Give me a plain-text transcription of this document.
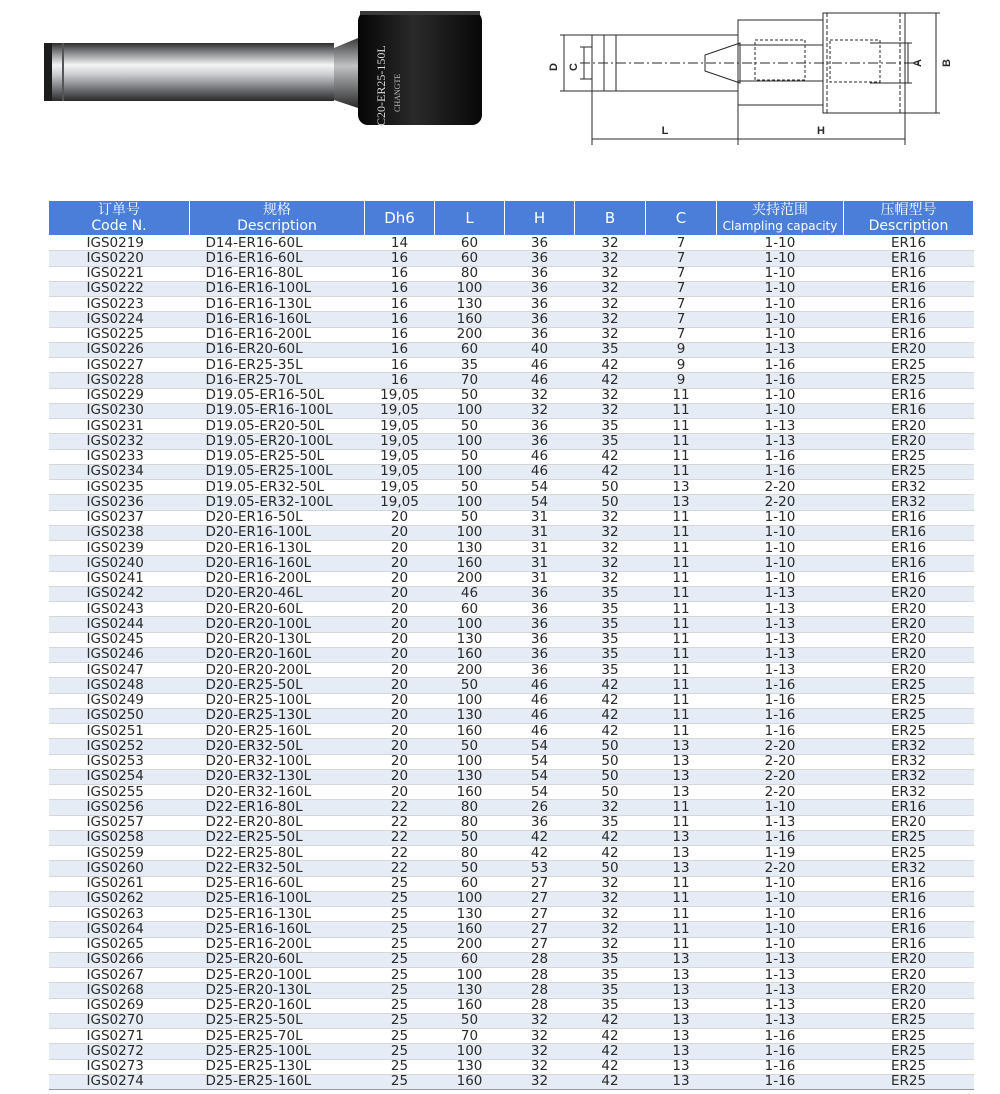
C20-ER25-150L CHANGTE
D C
L	H
A B
订单号
Code N.	规格
Description	Dh6	L	H	B	C	夹持范围
Clampling capacity	压帽型号
Description

IGS0219	D14-ER16-60L	14	60	36	32	7	1-10	ER16
IGS0220	D16-ER16-60L	16	60	36	32	7	1-10	ER16
IGS0221	D16-ER16-80L	16	80	36	32	7	1-10	ER16
IGS0222	D16-ER16-100L	16	100	36	32	7	1-10	ER16
IGS0223	D16-ER16-130L	16	130	36	32	7	1-10	ER16
IGS0224	D16-ER16-160L	16	160	36	32	7	1-10	ER16
IGS0225	D16-ER16-200L	16	200	36	32	7	1-10	ER16
IGS0226	D16-ER20-60L	16	60	40	35	9	1-13	ER20
IGS0227	D16-ER25-35L	16	35	46	42	9	1-16	ER25
IGS0228	D16-ER25-70L	16	70	46	42	9	1-16	ER25
IGS0229	D19.05-ER16-50L	19,05	50	32	32	11	1-10	ER16
IGS0230	D19.05-ER16-100L	19,05	100	32	32	11	1-10	ER16
IGS0231	D19.05-ER20-50L	19,05	50	36	35	11	1-13	ER20
IGS0232	D19.05-ER20-100L	19,05	100	36	35	11	1-13	ER20
IGS0233	D19.05-ER25-50L	19,05	50	46	42	11	1-16	ER25
IGS0234	D19.05-ER25-100L	19,05	100	46	42	11	1-16	ER25
IGS0235	D19.05-ER32-50L	19,05	50	54	50	13	2-20	ER32
IGS0236	D19.05-ER32-100L	19,05	100	54	50	13	2-20	ER32
IGS0237	D20-ER16-50L	20	50	31	32	11	1-10	ER16
IGS0238	D20-ER16-100L	20	100	31	32	11	1-10	ER16
IGS0239	D20-ER16-130L	20	130	31	32	11	1-10	ER16
IGS0240	D20-ER16-160L	20	160	31	32	11	1-10	ER16
IGS0241	D20-ER16-200L	20	200	31	32	11	1-10	ER16
IGS0242	D20-ER20-46L	20	46	36	35	11	1-13	ER20
IGS0243	D20-ER20-60L	20	60	36	35	11	1-13	ER20
IGS0244	D20-ER20-100L	20	100	36	35	11	1-13	ER20
IGS0245	D20-ER20-130L	20	130	36	35	11	1-13	ER20
IGS0246	D20-ER20-160L	20	160	36	35	11	1-13	ER20
IGS0247	D20-ER20-200L	20	200	36	35	11	1-13	ER20
IGS0248	D20-ER25-50L	20	50	46	42	11	1-16	ER25
IGS0249	D20-ER25-100L	20	100	46	42	11	1-16	ER25
IGS0250	D20-ER25-130L	20	130	46	42	11	1-16	ER25
IGS0251	D20-ER25-160L	20	160	46	42	11	1-16	ER25
IGS0252	D20-ER32-50L	20	50	54	50	13	2-20	ER32
IGS0253	D20-ER32-100L	20	100	54	50	13	2-20	ER32
IGS0254	D20-ER32-130L	20	130	54	50	13	2-20	ER32
IGS0255	D20-ER32-160L	20	160	54	50	13	2-20	ER32
IGS0256	D22-ER16-80L	22	80	26	32	11	1-10	ER16
IGS0257	D22-ER20-80L	22	80	36	35	11	1-13	ER20
IGS0258	D22-ER25-50L	22	50	42	42	13	1-16	ER25
IGS0259	D22-ER25-80L	22	80	42	42	13	1-19	ER25
IGS0260	D22-ER32-50L	22	50	53	50	13	2-20	ER32
IGS0261	D25-ER16-60L	25	60	27	32	11	1-10	ER16
IGS0262	D25-ER16-100L	25	100	27	32	11	1-10	ER16
IGS0263	D25-ER16-130L	25	130	27	32	11	1-10	ER16
IGS0264	D25-ER16-160L	25	160	27	32	11	1-10	ER16
IGS0265	D25-ER16-200L	25	200	27	32	11	1-10	ER16
IGS0266	D25-ER20-60L	25	60	28	35	13	1-13	ER20
IGS0267	D25-ER20-100L	25	100	28	35	13	1-13	ER20
IGS0268	D25-ER20-130L	25	130	28	35	13	1-13	ER20
IGS0269	D25-ER20-160L	25	160	28	35	13	1-13	ER20
IGS0270	D25-ER25-50L	25	50	32	42	13	1-13	ER25
IGS0271	D25-ER25-70L	25	70	32	42	13	1-16	ER25
IGS0272	D25-ER25-100L	25	100	32	42	13	1-16	ER25
IGS0273	D25-ER25-130L	25	130	32	42	13	1-16	ER25
IGS0274	D25-ER25-160L	25	160	32	42	13	1-16	ER25
